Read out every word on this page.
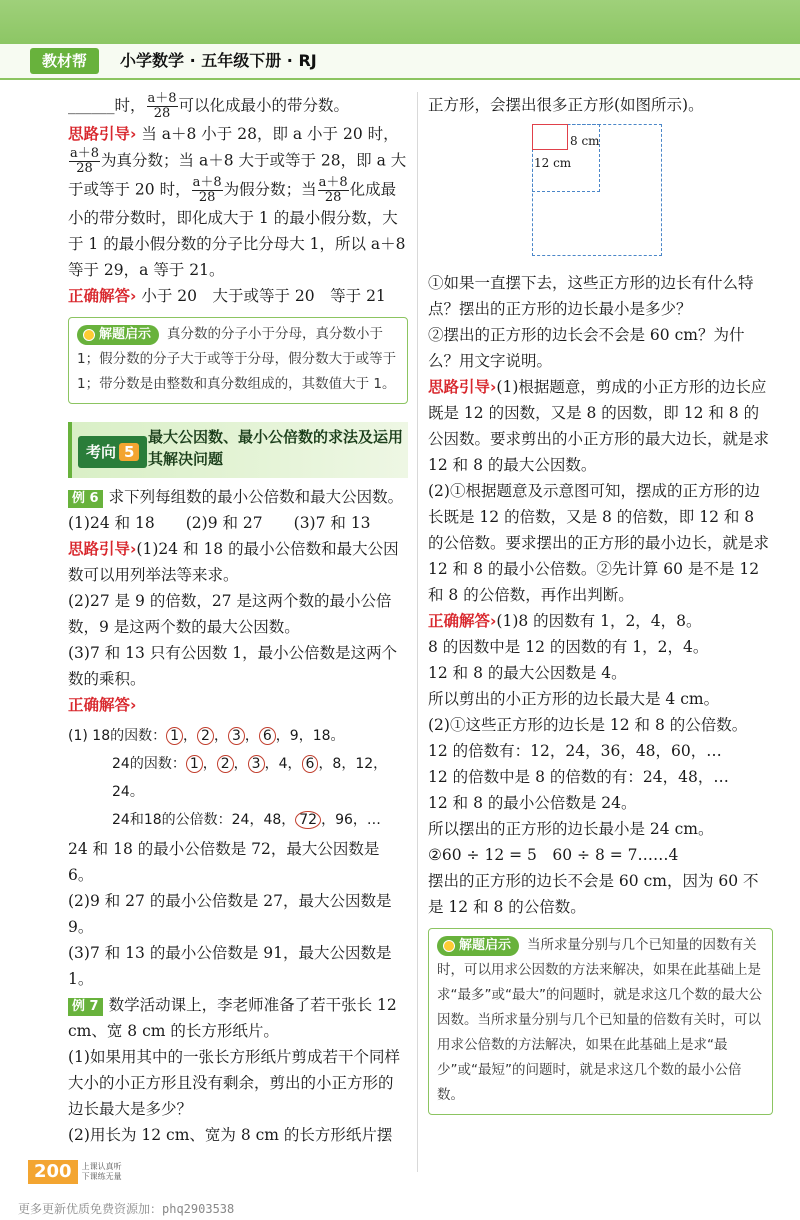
教材帮	小学数学 · 五年级下册 · RJ

______时， $\frac{a+8}{28}$ 可以化成最小的带分数。

思路引导› 当 a＋8 小于 28，即 a 小于 20 时，

$\frac{a+8}{28}$ 为真分数；当 a＋8 大于或等于 28，即 a 大

于或等于 20 时， $\frac{a+8}{28}$ 为假分数；当 $\frac{a+8}{28}$ 化成最

小的带分数时，即化成大于 1 的最小假分数，大于 1 的最小假分数的分子比分母大 1，所以 a＋8 等于 29，a 等于 21。

正确解答› 小于 20　大于或等于 20　等于 21

解题启示 真分数的分子小于分母，真分数小于 1；假分数的分子大于或等于分母，假分数大于或等于 1；带分数是由整数和真分数组成的，其数值大于 1。
考向 5
最大公因数、最小公倍数的求法及运用其解决问题

例 6 求下列每组数的最小公倍数和最大公因数。

(1)24 和 18　　(2)9 和 27　　(3)7 和 13

思路引导›(1)24 和 18 的最小公倍数和最大公因数可以用列举法等来求。

(2)27 是 9 的倍数，27 是这两个数的最小公倍数，9 是这两个数的最大公因数。

(3)7 和 13 只有公因数 1，最小公倍数是这两个数的乘积。

正确解答›

(1) 18的因数： 1 ， 2 ， 3 ， 6 ，9，18。
24的因数： 1 ， 2 ， 3 ，4， 6 ，8，12，24。
24和18的公倍数：24，48， 72 ，96，…

24 和 18 的最小公倍数是 72，最大公因数是 6。

(2)9 和 27 的最小公倍数是 27，最大公因数是 9。

(3)7 和 13 的最小公倍数是 91，最大公因数是 1。

例 7 数学活动课上，李老师准备了若干张长 12 cm、宽 8 cm 的长方形纸片。

(1)如果用其中的一张长方形纸片剪成若干个同样大小的小正方形且没有剩余，剪出的小正方形的边长最大是多少？

(2)用长为 12 cm、宽为 8 cm 的长方形纸片摆

正方形，会摆出很多正方形(如图所示)。

8 cm
12 cm

①如果一直摆下去，这些正方形的边长有什么特点？摆出的正方形的边长最小是多少？

②摆出的正方形的边长会不会是 60 cm？为什么？用文字说明。

思路引导›(1)根据题意，剪成的小正方形的边长应既是 12 的因数，又是 8 的因数，即 12 和 8 的公因数。要求剪出的小正方形的最大边长，就是求 12 和 8 的最大公因数。

(2)①根据题意及示意图可知，摆成的正方形的边长既是 12 的倍数，又是 8 的倍数，即 12 和 8 的公倍数。要求摆出的正方形的最小边长，就是求 12 和 8 的最小公倍数。②先计算 60 是不是 12 和 8 的公倍数，再作出判断。

正确解答›(1)8 的因数有 1，2，4，8。

8 的因数中是 12 的因数的有 1，2，4。

12 和 8 的最大公因数是 4。

所以剪出的小正方形的边长最大是 4 cm。

(2)①这些正方形的边长是 12 和 8 的公倍数。

12 的倍数有：12，24，36，48，60，…

12 的倍数中是 8 的倍数的有：24，48，…

12 和 8 的最小公倍数是 24。

所以摆出的正方形的边长最小是 24 cm。

②60 ÷ 12 = 5　60 ÷ 8 = 7……4

摆出的正方形的边长不会是 60 cm，因为 60 不是 12 和 8 的公倍数。

解题启示 当所求量分别与几个已知量的因数有关时，可以用求公因数的方法来解决，如果在此基础上是求“最多”或“最大”的问题时，就是求这几个数的最大公因数。当所求量分别与几个已知量的倍数有关时，可以用求公倍数的方法解决，如果在此基础上是求“最少”或“最短”的问题时，就是求这几个数的最小公倍数。
200	上课认真听 下课练无量
更多更新优质免费资源加：phq2903538
